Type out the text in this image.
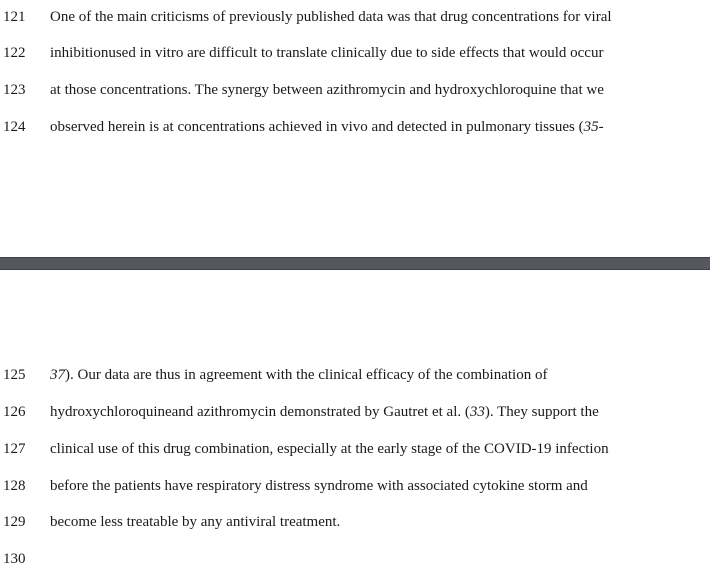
121 One of the main criticisms of previously published data was that drug concentrations for viral
122 inhibitionused in vitro are difficult to translate clinically due to side effects that would occur
123 at those concentrations. The synergy between azithromycin and hydroxychloroquine that we
124 observed herein is at concentrations achieved in vivo and detected in pulmonary tissues (35-
125 37). Our data are thus in agreement with the clinical efficacy of the combination of
126 hydroxychloroquineand azithromycin demonstrated by Gautret et al. (33). They support the
127 clinical use of this drug combination, especially at the early stage of the COVID-19 infection
128 before the patients have respiratory distress syndrome with associated cytokine storm and
129 become less treatable by any antiviral treatment.
130
